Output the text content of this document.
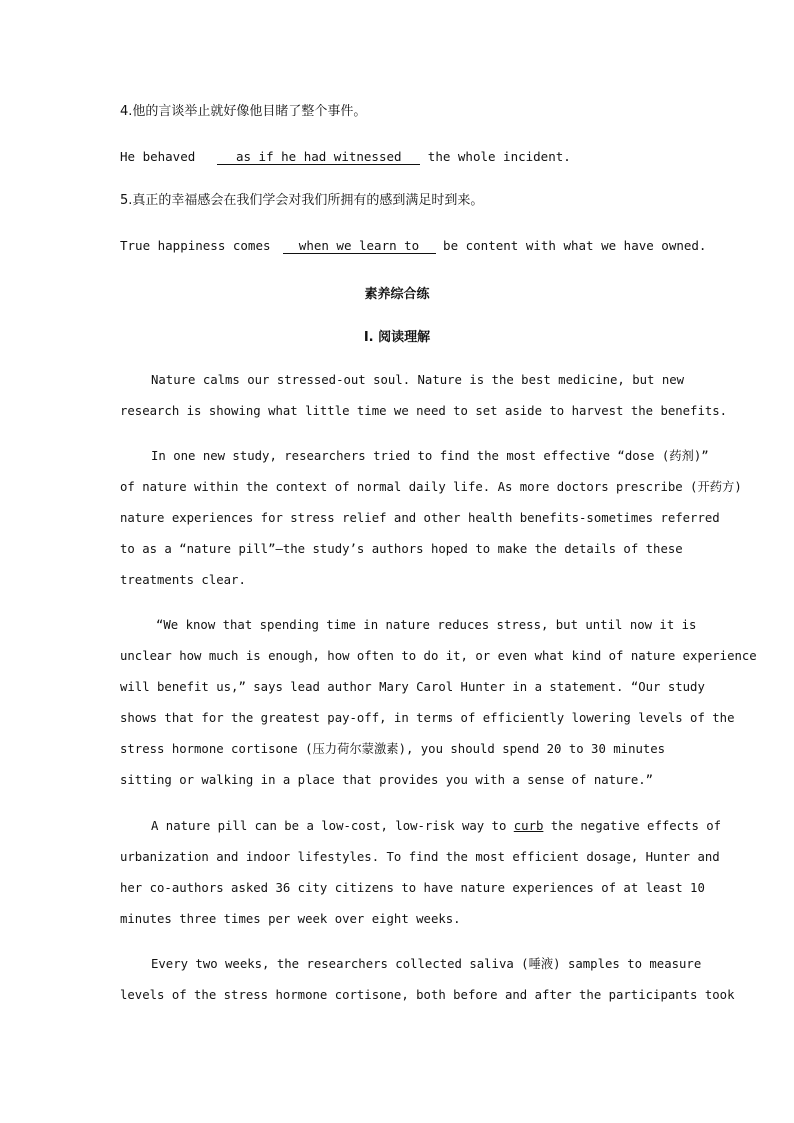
4.他的言谈举止就好像他目睹了整个事件。
He behaved	as if he had witnessed the whole incident.
5.真正的幸福感会在我们学会对我们所拥有的感到满足时到来。
True happiness comes when we learn to be content with what we have owned.
素养综合练
Ⅰ. 阅读理解
Nature calms our stressed-out soul. Nature is the best medicine, but new
research is showing what little time we need to set aside to harvest the benefits.
In one new study, researchers tried to find the most effective “dose (药剂)”
of nature within the context of normal daily life. As more doctors prescribe (开药方)
nature experiences for stress relief and other health benefits-sometimes referred
to as a “nature pill”—the study’s authors hoped to make the details of these
treatments clear.
“We know that spending time in nature reduces stress, but until now it is
unclear how much is enough, how often to do it, or even what kind of nature experience
will benefit us,” says lead author Mary Carol Hunter in a statement. “Our study
shows that for the greatest pay-off, in terms of efficiently lowering levels of the
stress hormone cortisone (压力荷尔蒙激素), you should spend 20 to 30 minutes
sitting or walking in a place that provides you with a sense of nature.”
A nature pill can be a low-cost, low-risk way to curb the negative effects of
urbanization and indoor lifestyles. To find the most efficient dosage, Hunter and
her co-authors asked 36 city citizens to have nature experiences of at least 10
minutes three times per week over eight weeks.
Every two weeks, the researchers collected saliva (唾液) samples to measure
levels of the stress hormone cortisone, both before and after the participants took
